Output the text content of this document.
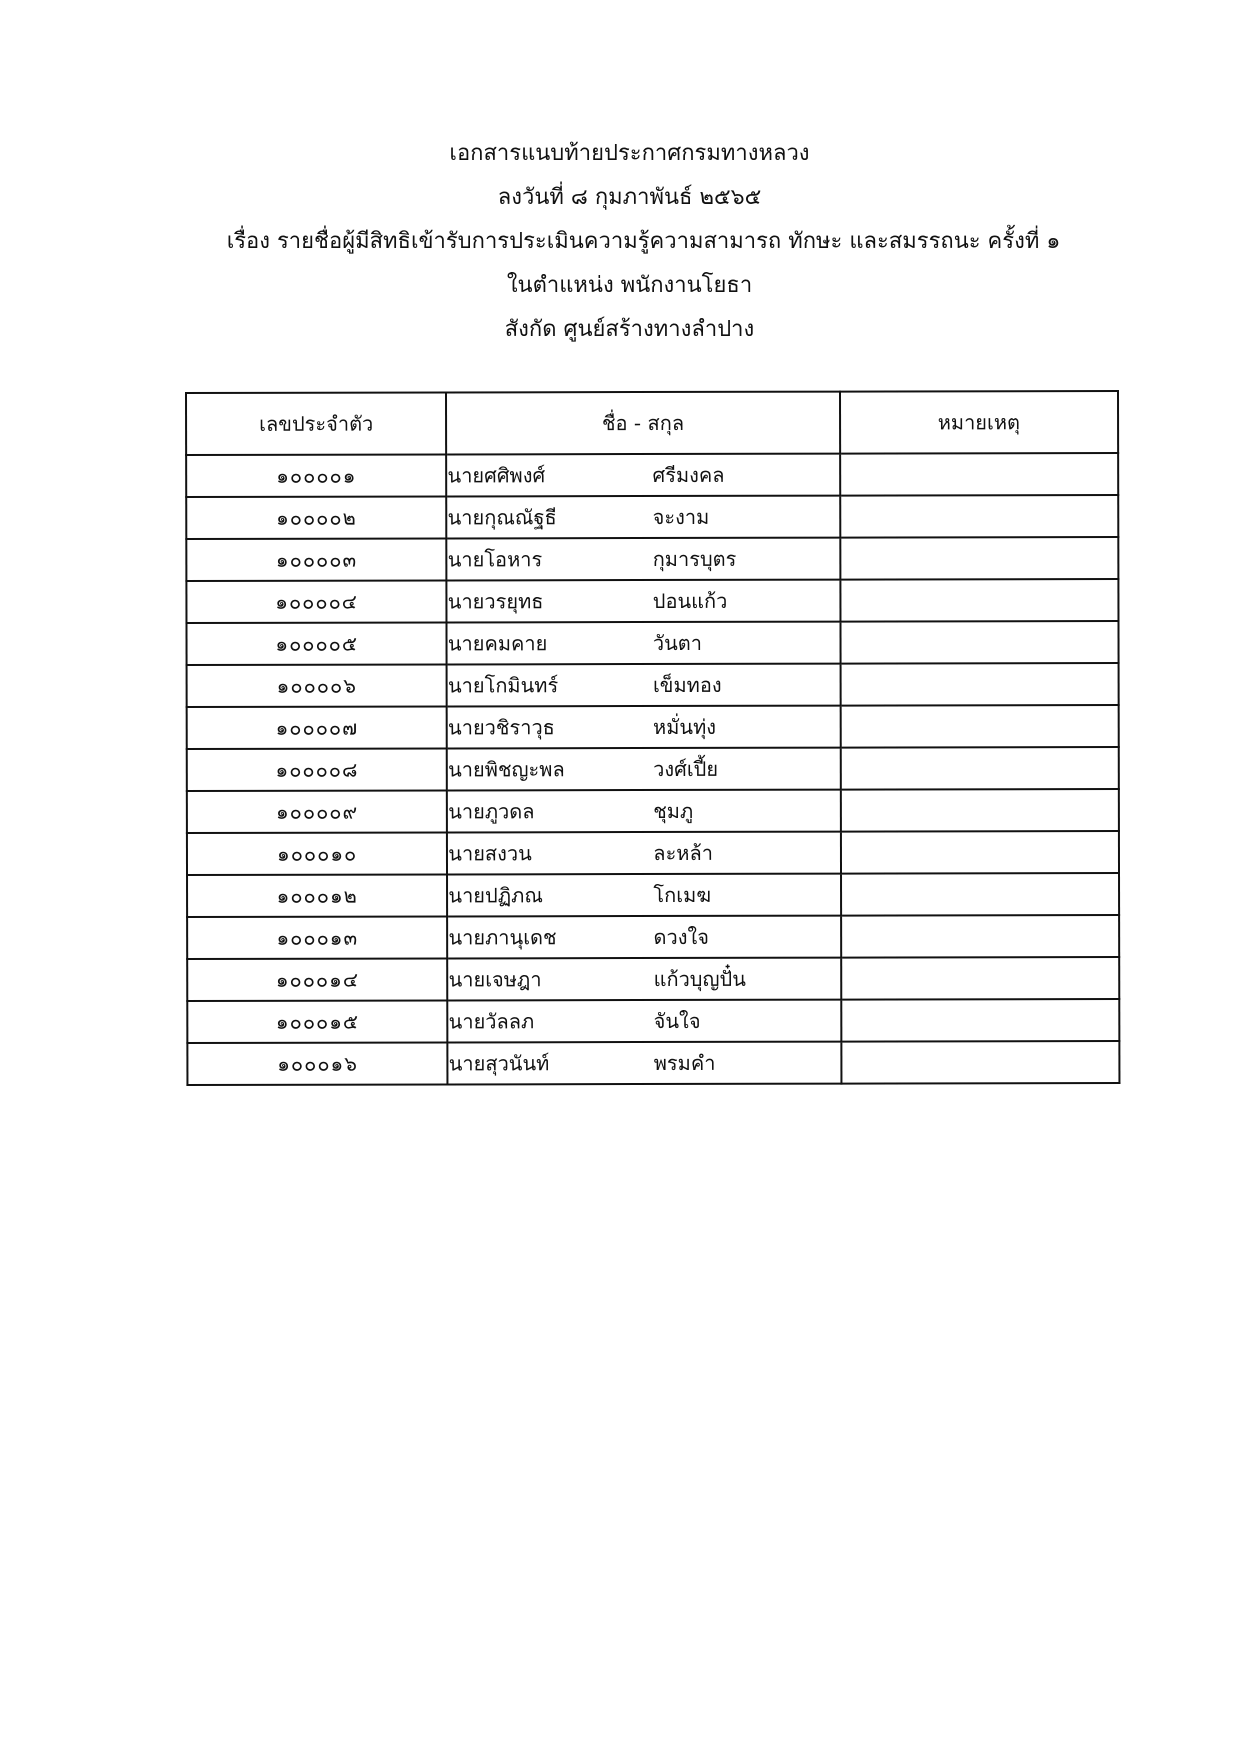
เอกสารแนบท้ายประกาศกรมทางหลวง
ลงวันที่ ๘ กุมภาพันธ์ ๒๕๖๕
เรื่อง รายชื่อผู้มีสิทธิเข้ารับการประเมินความรู้ความสามารถ ทักษะ และสมรรถนะ ครั้งที่ ๑
ในตำแหน่ง พนักงานโยธา
สังกัด ศูนย์สร้างทางลำปาง
เลขประจำตัว	ชื่อ - สกุล	หมายเหตุ
๑๐๐๐๐๑	นายศศิพงศ์ ศรีมงคล	
๑๐๐๐๐๒	นายกุณณัฐธี จะงาม	
๑๐๐๐๐๓	นายโอหาร กุมารบุตร	
๑๐๐๐๐๔	นายวรยุทธ ปอนแก้ว	
๑๐๐๐๐๕	นายคมคาย วันตา	
๑๐๐๐๐๖	นายโกมินทร์ เข็มทอง	
๑๐๐๐๐๗	นายวชิราวุธ หมั่นทุ่ง	
๑๐๐๐๐๘	นายพิชญะพล วงศ์เปี้ย	
๑๐๐๐๐๙	นายภูวดล ชุมภู	
๑๐๐๐๑๐	นายสงวน ละหล้า	
๑๐๐๐๑๒	นายปฏิภณ โกเมฆ	
๑๐๐๐๑๓	นายภานุเดช ดวงใจ	
๑๐๐๐๑๔	นายเจษฎา แก้วบุญปั๋น	
๑๐๐๐๑๕	นายวัลลภ จันใจ	
๑๐๐๐๑๖	นายสุวนันท์ พรมคำ	
